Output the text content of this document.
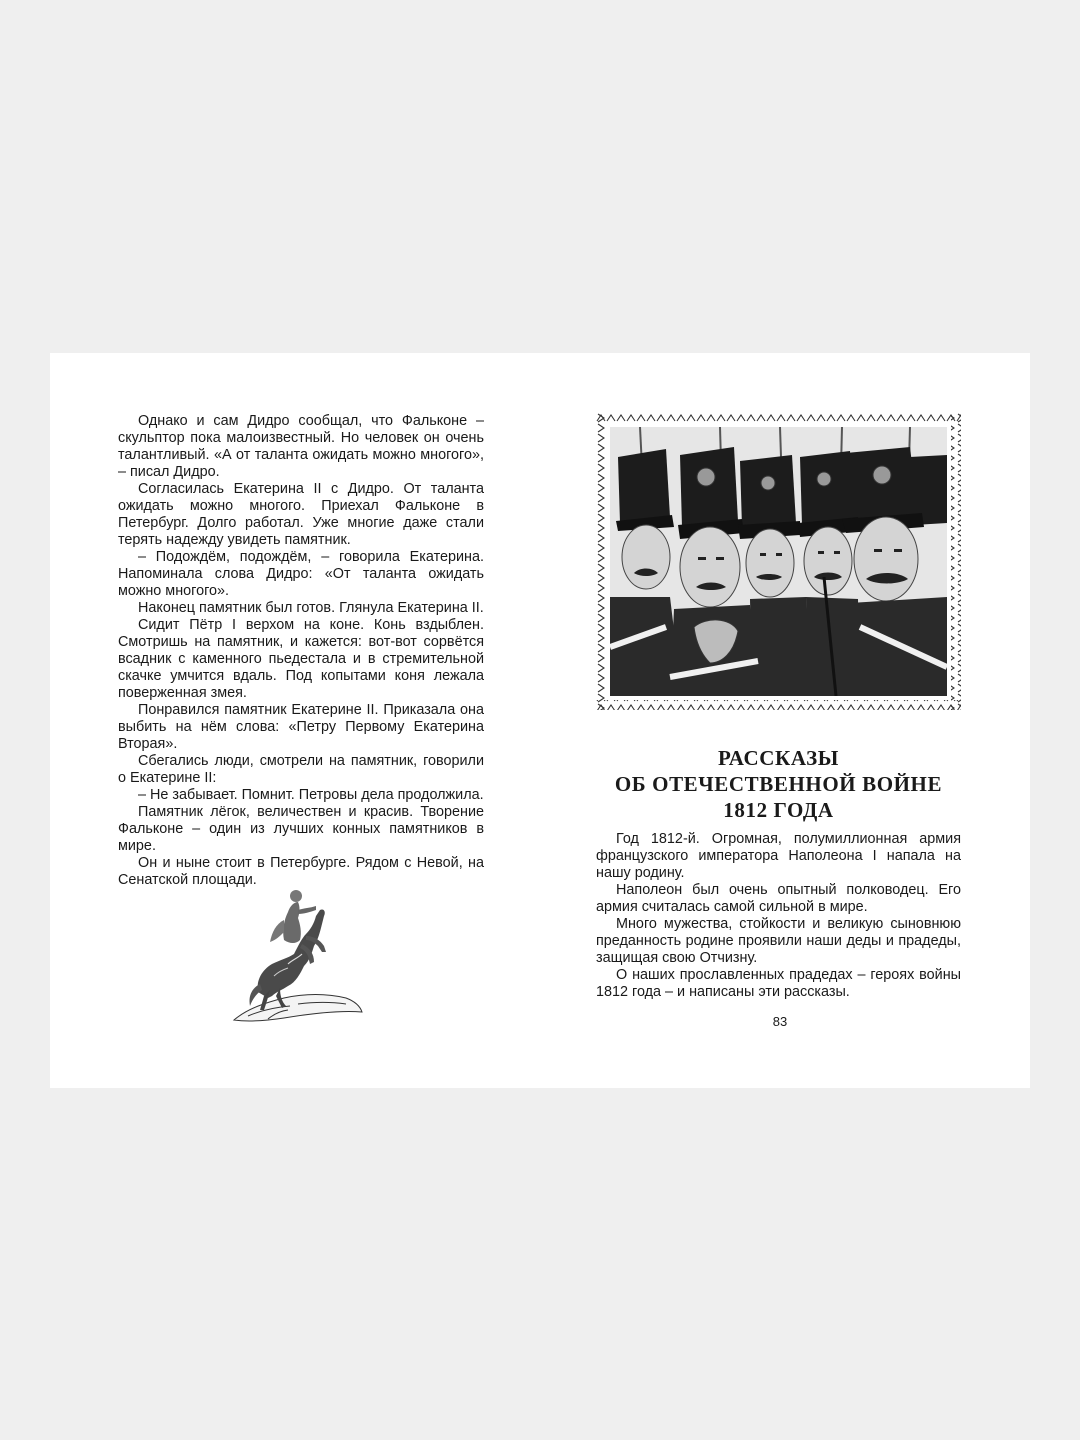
Однако и сам Дидро сообщал, что Фальконе – скульптор пока малоизвестный. Но человек он очень талантливый. «А от таланта ожидать можно многого», – писал Дидро.

Согласилась Екатерина II с Дидро. От таланта ожидать можно многого. Приехал Фальконе в Петербург. Долго работал. Уже многие даже стали терять надежду увидеть памятник.

– Подождём, подождём, – говорила Екатерина. Напоминала слова Дидро: «От таланта ожидать можно многого».

Наконец памятник был готов. Глянула Екатерина II.

Сидит Пётр I верхом на коне. Конь вздыблен. Смотришь на памятник, и кажется: вот-вот сорвётся всадник с каменного пьедестала и в стремительной скачке умчится вдаль. Под копытами коня лежала поверженная змея.

Понравился памятник Екатерине II. Приказала она выбить на нём слова: «Петру Первому Екатерина Вторая».

Сбегались люди, смотрели на памятник, говорили о Екатерине II:

– Не забывает. Помнит. Петровы дела продолжила.

Памятник лёгок, величествен и красив. Творение Фальконе – один из лучших конных памятников в мире.

Он и ныне стоит в Петербурге. Рядом с Невой, на Сенатской площади.

РАССКАЗЫ
ОБ ОТЕЧЕСТВЕННОЙ ВОЙНЕ
1812 ГОДА

Год 1812-й. Огромная, полумиллионная армия французского императора Наполеона I напала на нашу родину.

Наполеон был очень опытный полководец. Его армия считалась самой сильной в мире.

Много мужества, стойкости и великую сыновнюю преданность родине проявили наши деды и прадеды, защищая свою Отчизну.

О наших прославленных прадедах – героях войны 1812 года – и написаны эти рассказы.

83
